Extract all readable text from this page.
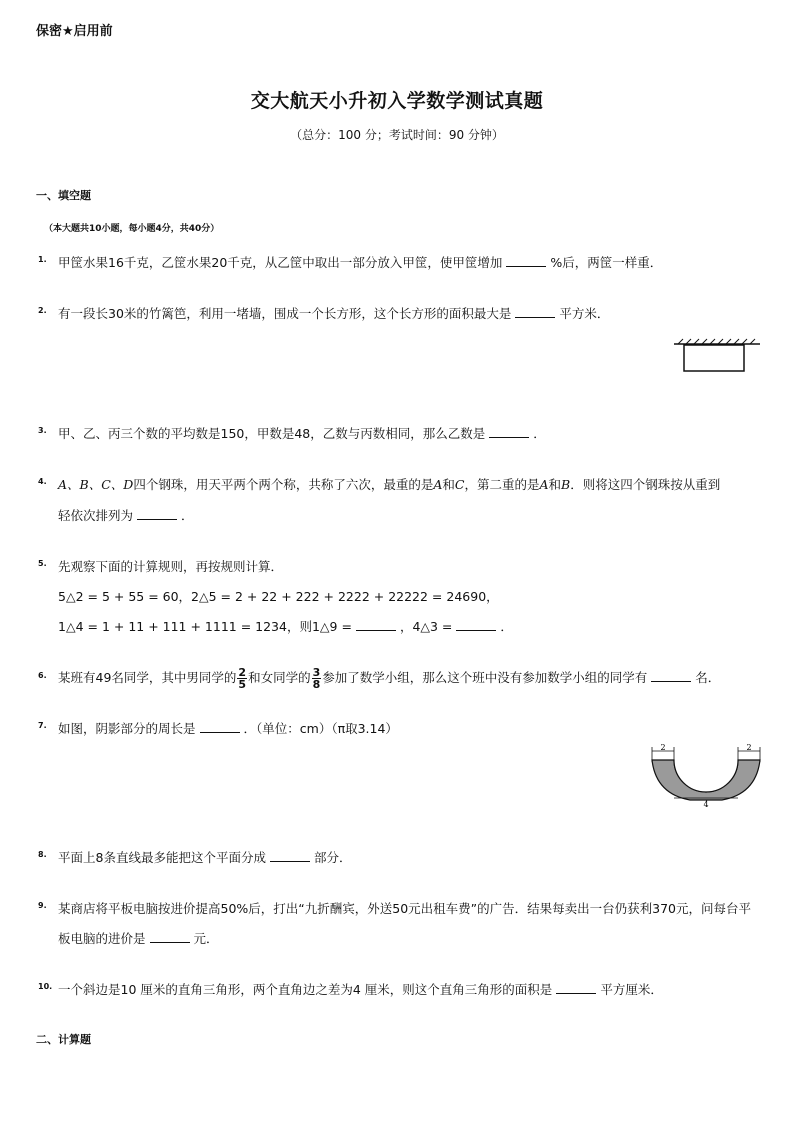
保密★启用前
交大航天小升初入学数学测试真题
（总分：100 分；考试时间：90 分钟）
一、填空题
（本大题共10小题，每小题4分，共40分）
1. 甲筐水果16千克，乙筐水果20千克，从乙筐中取出一部分放入甲筐，使甲筐增加	%后，两筐一样重．
2. 有一段长30米的竹篱笆，利用一堵墙，围成一个长方形，这个长方形的面积最大是	平方米．
3. 甲、乙、丙三个数的平均数是150，甲数是48，乙数与丙数相同，那么乙数是	．
4. A、B、C、D四个钢珠，用天平两个两个称，共称了六次，最重的是A和C，第二重的是A和B．则将这四个钢珠按从重到
轻依次排列为	．
5. 先观察下面的计算规则，再按规则计算．
5△2 = 5 + 55 = 60，2△5 = 2 + 22 + 222 + 2222 + 22222 = 24690，
1△4 = 1 + 11 + 111 + 1111 = 1234，则1△9 =	，4△3 =	．
6. 某班有49名同学，其中男同学的 $\frac{2}{5}$ 和女同学的 $\frac{3}{8}$ 参加了数学小组，那么这个班中没有参加数学小组的同学有	名．
7. 如图，阴影部分的周长是	．（单位：cm）（π取3.14）
2	2
4
8. 平面上8条直线最多能把这个平面分成	部分．
9. 某商店将平板电脑按进价提高50%后，打出“九折酬宾，外送50元出租车费”的广告．结果每卖出一台仍获利370元，问每台平
板电脑的进价是	元．
10. 一个斜边是10 厘米的直角三角形，两个直角边之差为4 厘米，则这个直角三角形的面积是	平方厘米．
二、计算题
